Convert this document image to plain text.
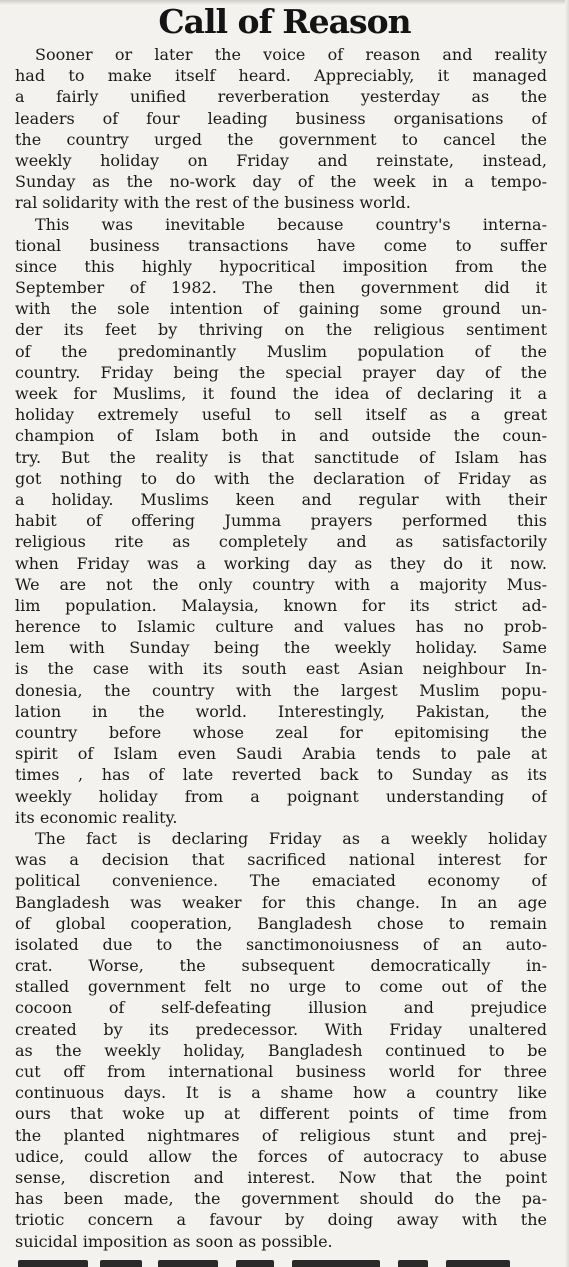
Call of Reason
Sooner or later the voice of reason and reality
had to make itself heard. Appreciably, it managed
a fairly unified reverberation yesterday as the
leaders of four leading business organisations of
the country urged the government to cancel the
weekly holiday on Friday and reinstate, instead,
Sunday as the no-work day of the week in a tempo-
ral solidarity with the rest of the business world.
This was inevitable because country's interna-
tional business transactions have come to suffer
since this highly hypocritical imposition from the
September of 1982. The then government did it
with the sole intention of gaining some ground un-
der its feet by thriving on the religious sentiment
of the predominantly Muslim population of the
country. Friday being the special prayer day of the
week for Muslims, it found the idea of declaring it a
holiday extremely useful to sell itself as a great
champion of Islam both in and outside the coun-
try. But the reality is that sanctitude of Islam has
got nothing to do with the declaration of Friday as
a holiday. Muslims keen and regular with their
habit of offering Jumma prayers performed this
religious rite as completely and as satisfactorily
when Friday was a working day as they do it now.
We are not the only country with a majority Mus-
lim population. Malaysia, known for its strict ad-
herence to Islamic culture and values has no prob-
lem with Sunday being the weekly holiday. Same
is the case with its south east Asian neighbour In-
donesia, the country with the largest Muslim popu-
lation in the world. Interestingly, Pakistan, the
country before whose zeal for epitomising the
spirit of Islam even Saudi Arabia tends to pale at
times , has of late reverted back to Sunday as its
weekly holiday from a poignant understanding of
its economic reality.
The fact is declaring Friday as a weekly holiday
was a decision that sacrificed national interest for
political convenience. The emaciated economy of
Bangladesh was weaker for this change. In an age
of global cooperation, Bangladesh chose to remain
isolated due to the sanctimonoiusness of an auto-
crat. Worse, the subsequent democratically in-
stalled government felt no urge to come out of the
cocoon of self-defeating illusion and prejudice
created by its predecessor. With Friday unaltered
as the weekly holiday, Bangladesh continued to be
cut off from international business world for three
continuous days. It is a shame how a country like
ours that woke up at different points of time from
the planted nightmares of religious stunt and prej-
udice, could allow the forces of autocracy to abuse
sense, discretion and interest. Now that the point
has been made, the government should do the pa-
triotic concern a favour by doing away with the
suicidal imposition as soon as possible.
